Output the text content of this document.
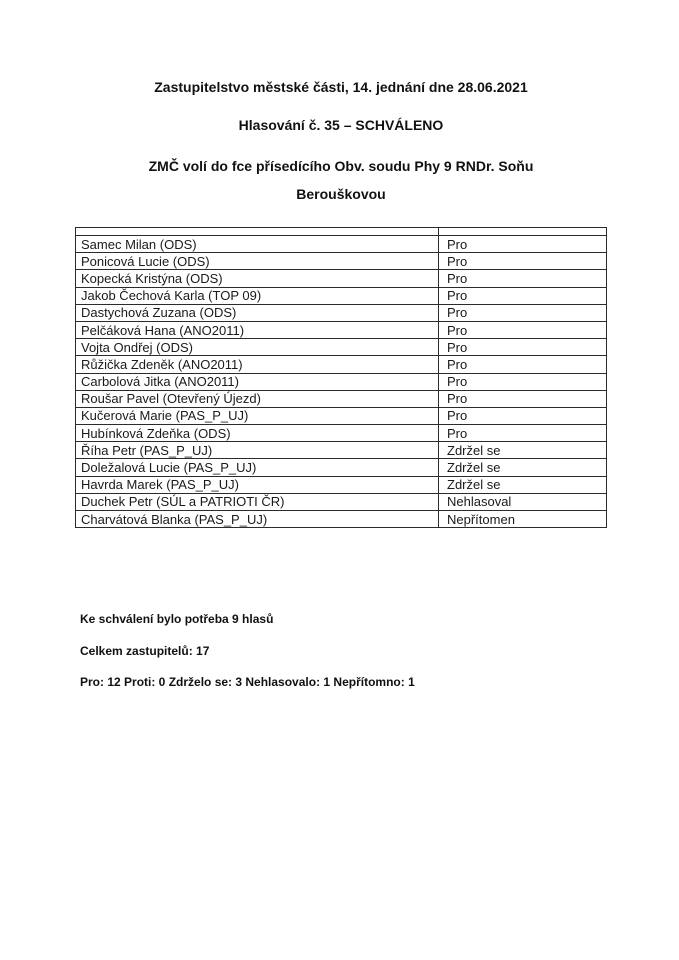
Zastupitelstvo městské části, 14. jednání dne 28.06.2021
Hlasování č. 35 – SCHVÁLENO
ZMČ volí do fce přísedícího Obv. soudu Phy 9 RNDr. Soňu
Berouškovou

Samec Milan (ODS)	Pro
Ponicová Lucie (ODS)	Pro
Kopecká Kristýna (ODS)	Pro
Jakob Čechová Karla (TOP 09)	Pro
Dastychová Zuzana (ODS)	Pro
Pelčáková Hana (ANO2011)	Pro
Vojta Ondřej (ODS)	Pro
Růžička Zdeněk (ANO2011)	Pro
Carbolová Jitka (ANO2011)	Pro
Roušar Pavel (Otevřený Újezd)	Pro
Kučerová Marie (PAS_P_UJ)	Pro
Hubínková Zdeňka (ODS)	Pro
Říha Petr (PAS_P_UJ)	Zdržel se
Doležalová Lucie (PAS_P_UJ)	Zdržel se
Havrda Marek (PAS_P_UJ)	Zdržel se
Duchek Petr (SÚL a PATRIOTI ČR)	Nehlasoval
Charvátová Blanka (PAS_P_UJ)	Nepřítomen
Ke schválení bylo potřeba 9 hlasů
Celkem zastupitelů: 17
Pro: 12 Proti: 0 Zdrželo se: 3 Nehlasovalo: 1 Nepřítomno: 1
